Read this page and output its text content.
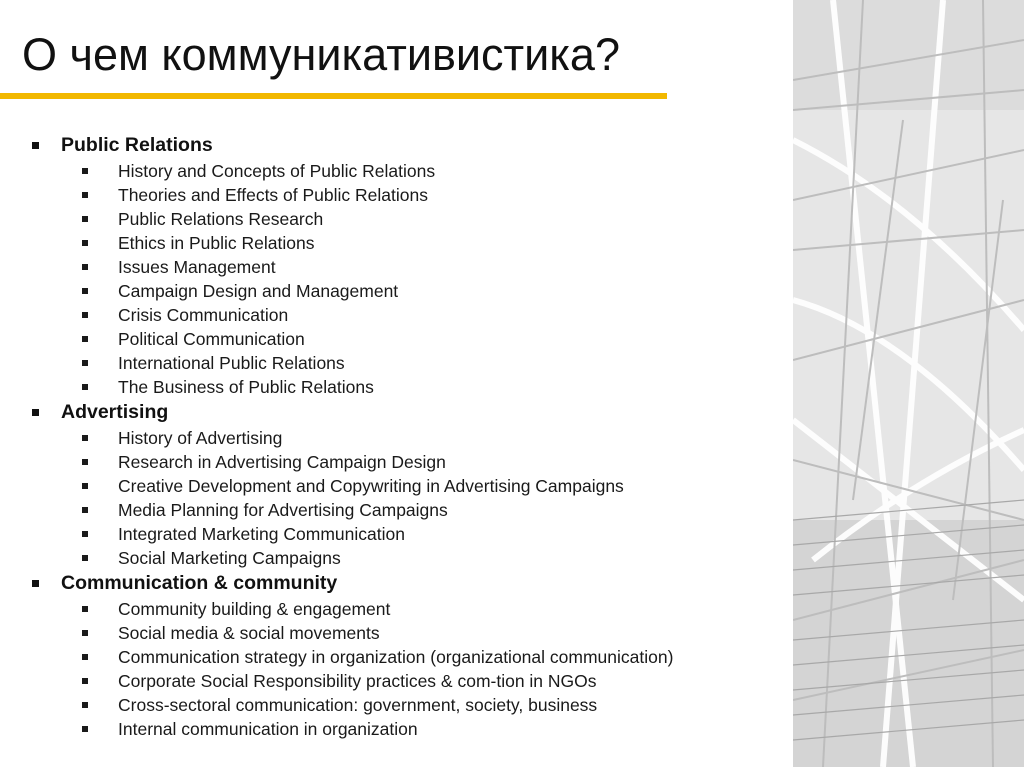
О чем коммуникативистика?
Public Relations
History and Concepts of Public Relations
Theories and Effects of Public Relations
Public Relations Research
Ethics in Public Relations
Issues Management
Campaign Design and Management
Crisis Communication
Political Communication
International Public Relations
The Business of Public Relations
Advertising
History of Advertising
Research in Advertising Campaign Design
Creative Development and Copywriting in Advertising Campaigns
Media Planning for Advertising Campaigns
Integrated Marketing Communication
Social Marketing Campaigns
Communication & community
Community building & engagement
Social media & social movements
Communication strategy in organization (organizational communication)
Corporate Social Responsibility practices & com-tion in NGOs
Cross-sectoral communication: government, society, business
Internal communication in organization
